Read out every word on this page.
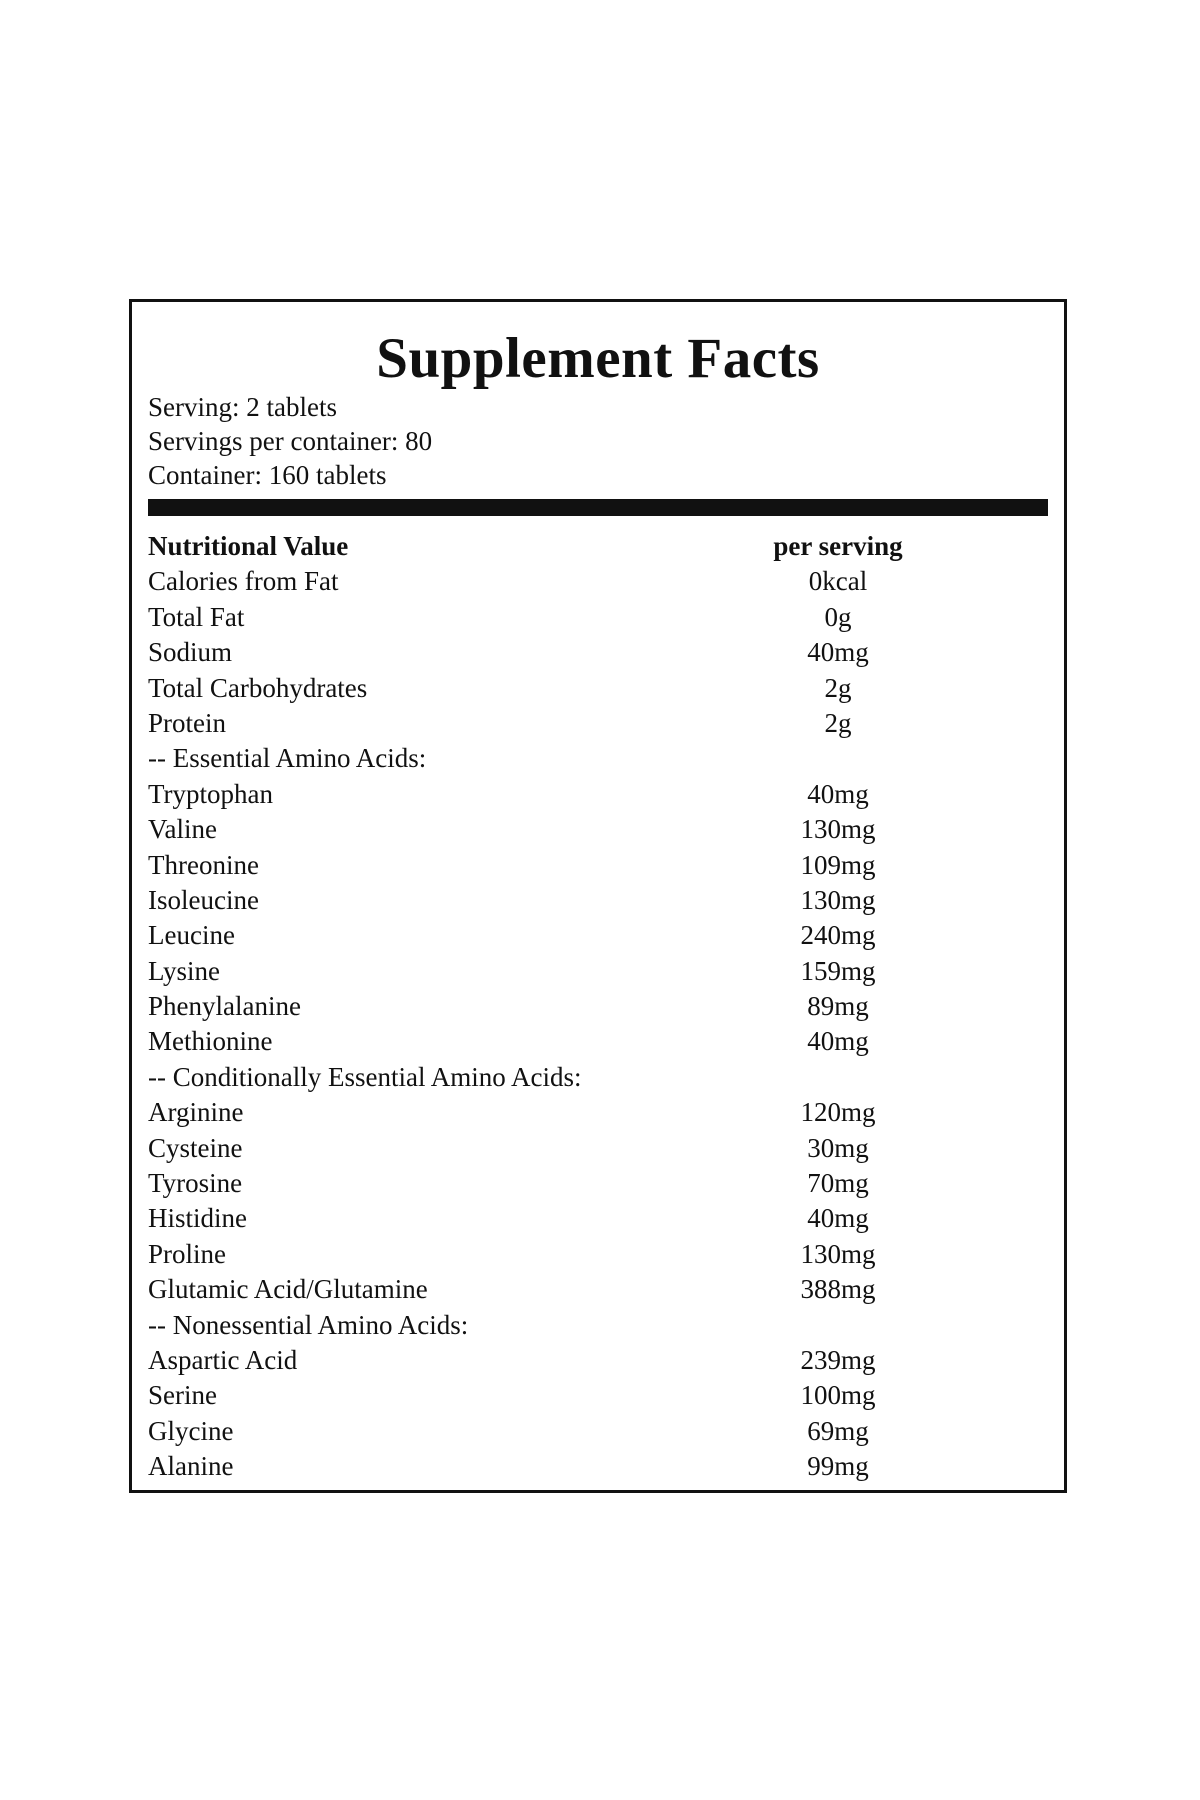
Supplement Facts
Serving: 2 tablets
Servings per container: 80
Container: 160 tablets
Nutritional Value	per serving
Calories from Fat	0kcal
Total Fat	0g
Sodium	40mg
Total Carbohydrates	2g
Protein	2g
-- Essential Amino Acids:
Tryptophan	40mg
Valine	130mg
Threonine	109mg
Isoleucine	130mg
Leucine	240mg
Lysine	159mg
Phenylalanine	89mg
Methionine	40mg
-- Conditionally Essential Amino Acids:
Arginine	120mg
Cysteine	30mg
Tyrosine	70mg
Histidine	40mg
Proline	130mg
Glutamic Acid/Glutamine	388mg
-- Nonessential Amino Acids:
Aspartic Acid	239mg
Serine	100mg
Glycine	69mg
Alanine	99mg
